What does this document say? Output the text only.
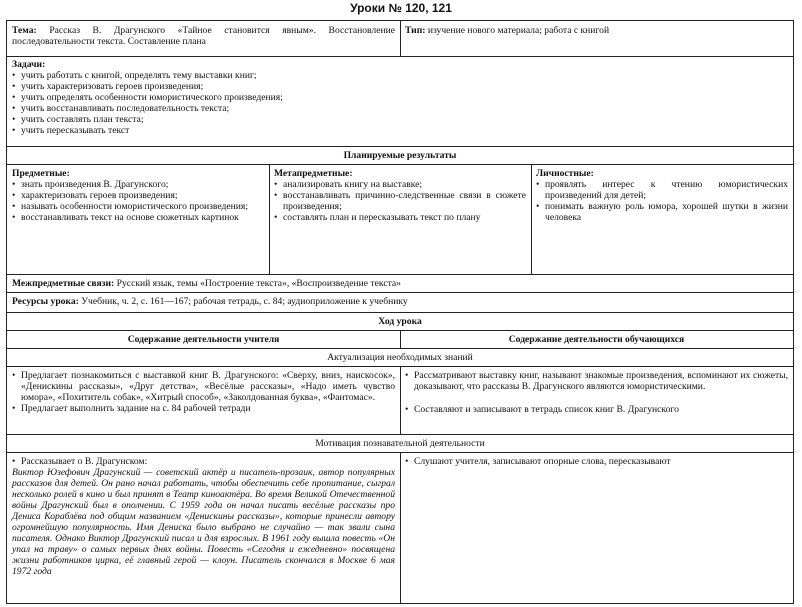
Уроки № 120, 121
Тема: Рассказ В. Драгунского «Тайное становится явным». Восстановление последовательности текста. Составление плана
Тип: изучение нового материала; работа с книгой
Задачи:
• учить работать с книгой, определять тему выставки книг;
• учить характеризовать героев произведения;
• учить определять особенности юмористического произведения;
• учить восстанавливать последовательность текста;
• учить составлять план текста;
• учить пересказывать текст
Планируемые результаты
Предметные:
• знать произведения В. Драгунского;
• характеризовать героев произведения;
• называть особенности юмористического произведения;
• восстанавливать текст на основе сюжетных картинок
Метапредметные:
• анализировать книгу на выставке;
• восстанавливать причинно-следственные связи в сюжете произведения;
• составлять план и пересказывать текст по плану
Личностные:
• проявлять интерес к чтению юмористических произведений для детей;
• понимать важную роль юмора, хорошей шутки в жизни человека
Межпредметные связи: Русский язык, темы «Построение текста», «Воспроизведение текста»
Ресурсы урока: Учебник, ч. 2, с. 161—167; рабочая тетрадь, с. 84; аудиоприложение к учебнику
Ход урока
Содержание деятельности учителя	Содержание деятельности обучающихся
Актуализация необходимых знаний
• Предлагает познакомиться с выставкой книг В. Драгунского: «Сверху, вниз, наискосок», «Денискины рассказы», «Друг детства», «Весёлые рассказы», «Надо иметь чувство юмора», «Похититель собак», «Хитрый способ», «Заколдованная буква», «Фантомас».
• Предлагает выполнить задание на с. 84 рабочей тетради
• Рассматривают выставку книг, называют знакомые произведения, вспоминают их сюжеты, доказывают, что рассказы В. Драгунского являются юмористическими.
• Составляют и записывают в тетрадь список книг В. Драгунского
Мотивация познавательной деятельности
• Рассказывает о В. Драгунском:
Виктор Юзефович Драгунский — советский актёр и писатель-прозаик, автор популярных рассказов для детей. Он рано начал работать, чтобы обеспечить себе пропитание, сыграл несколько ролей в кино и был принят в Театр киноактёра. Во время Великой Отечественной войны Драгунский был в ополчении. С 1959 года он начал писать весёлые рассказы про Дениса Кораблёва под общим названием «Денискины рассказы», которые принесли автору огромнейшую популярность. Имя Дениска было выбрано не случайно — так звали сына писателя. Однако Виктор Драгунский писал и для взрослых. В 1961 году вышла повесть «Он упал на траву» о самых первых днях войны. Повесть «Сегодня и ежедневно» посвящена жизни работников цирка, её главный герой — клоун. Писатель скончался в Москве 6 мая 1972 года
• Слушают учителя, записывают опорные слова, пересказывают
